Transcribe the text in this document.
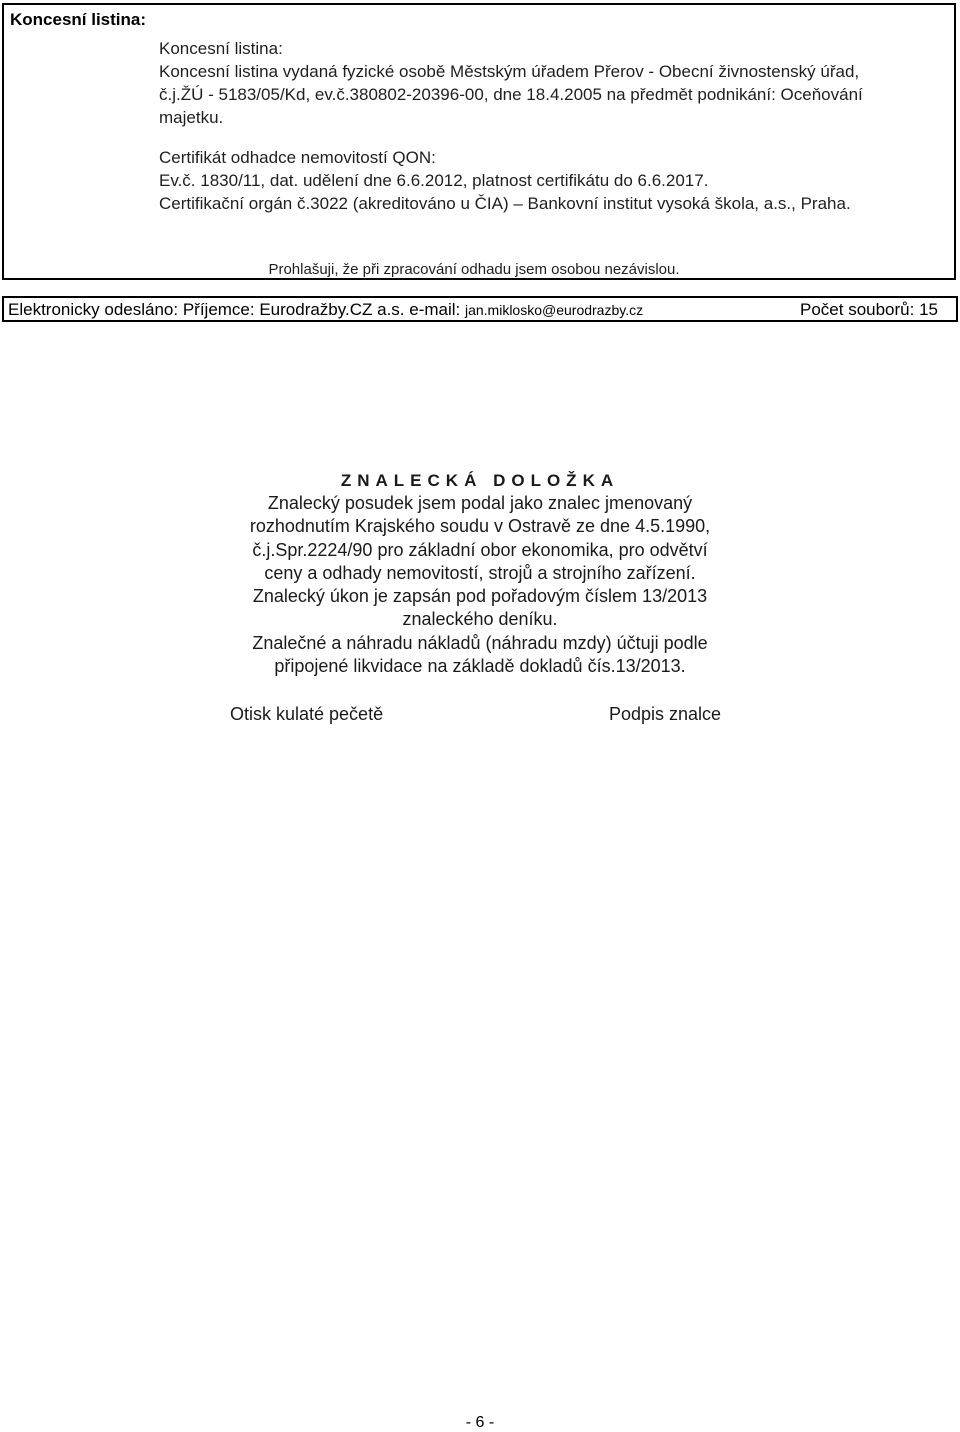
Koncesní listina:

Koncesní listina:

Koncesní listina vydaná fyzické osobě Městským úřadem Přerov - Obecní živnostenský úřad,

č.j.ŽÚ - 5183/05/Kd, ev.č.380802-20396-00, dne 18.4.2005 na předmět podnikání: Oceňování

majetku.

Certifikát odhadce nemovitostí QON:

Ev.č. 1830/11, dat. udělení dne 6.6.2012, platnost certifikátu do 6.6.2017.

Certifikační orgán č.3022 (akreditováno u ČIA) – Bankovní institut vysoká škola, a.s., Praha.

Prohlašuji, že při zpracování odhadu jsem osobou nezávislou.
Elektronicky odesláno: Příjemce: Eurodražby.CZ a.s. e-mail: jan.miklosko@eurodrazby.cz	Počet souborů: 15

ZNALECKÁ DOLOŽKA

Znalecký posudek jsem podal jako znalec jmenovaný

rozhodnutím Krajského soudu v Ostravě ze dne 4.5.1990,

č.j.Spr.2224/90 pro základní obor ekonomika, pro odvětví

ceny a odhady nemovitostí, strojů a strojního zařízení.

Znalecký úkon je zapsán pod pořadovým číslem 13/2013

znaleckého deníku.

Znalečné a náhradu nákladů (náhradu mzdy) účtuji podle

připojené likvidace na základě dokladů čís.13/2013.

Otisk kulaté pečetě	Podpis znalce
- 6 -
